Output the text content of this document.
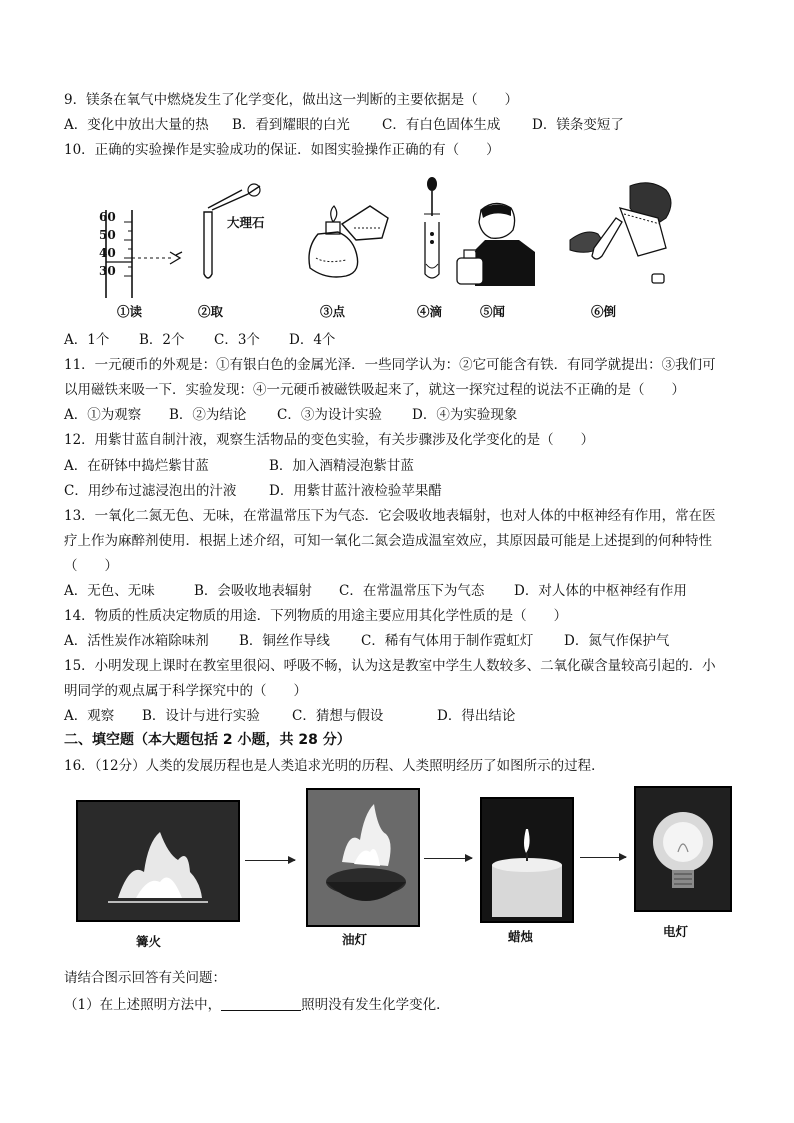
9．镁条在氧气中燃烧发生了化学变化，做出这一判断的主要依据是（　　）
A．变化中放出大量的热 B．看到耀眼的白光 C．有白色固体生成 D．镁条变短了
10．正确的实验操作是实验成功的保证．如图实验操作正确的有（　　）
60
50
40
30
大理石
①读	②取	③点	④滴	⑤闻	⑥倒
A．1个 B．2个 C．3个 D．4个
11．一元硬币的外观是：①有银白色的金属光泽．一些同学认为：②它可能含有铁．有同学就提出：③我们可
以用磁铁来吸一下．实验发现：④一元硬币被磁铁吸起来了，就这一探究过程的说法不正确的是（　　）
A．①为观察 B．②为结论 C．③为设计实验 D．④为实验现象
12．用紫甘蓝自制汁液，观察生活物品的变色实验，有关步骤涉及化学变化的是（　　）
A．在研钵中捣烂紫甘蓝	B．加入酒精浸泡紫甘蓝
C．用纱布过滤浸泡出的汁液 D．用紫甘蓝汁液检验苹果醋
13．一氧化二氮无色、无味，在常温常压下为气态．它会吸收地表辐射，也对人体的中枢神经有作用，常在医
疗上作为麻醉剂使用．根据上述介绍，可知一氧化二氮会造成温室效应，其原因最可能是上述提到的何种特性
（　　）
A．无色、无味	B．会吸收地表辐射 C．在常温常压下为气态 D．对人体的中枢神经有作用
14．物质的性质决定物质的用途．下列物质的用途主要应用其化学性质的是（　　）
A．活性炭作冰箱除味剂 B．铜丝作导线 C．稀有气体用于制作霓虹灯 D．氮气作保护气
15．小明发现上课时在教室里很闷、呼吸不畅，认为这是教室中学生人数较多、二氧化碳含量较高引起的．小
明同学的观点属于科学探究中的（　　）
A．观察 B．设计与进行实验 C．猜想与假设	D．得出结论
二、填空题（本大题包括 2 小题，共 28 分）
16．（12分）人类的发展历程也是人类追求光明的历程、人类照明经历了如图所示的过程．
篝火	油灯	蜡烛	电灯
请结合图示回答有关问题：
（1）在上述照明方法中，	照明没有发生化学变化．
